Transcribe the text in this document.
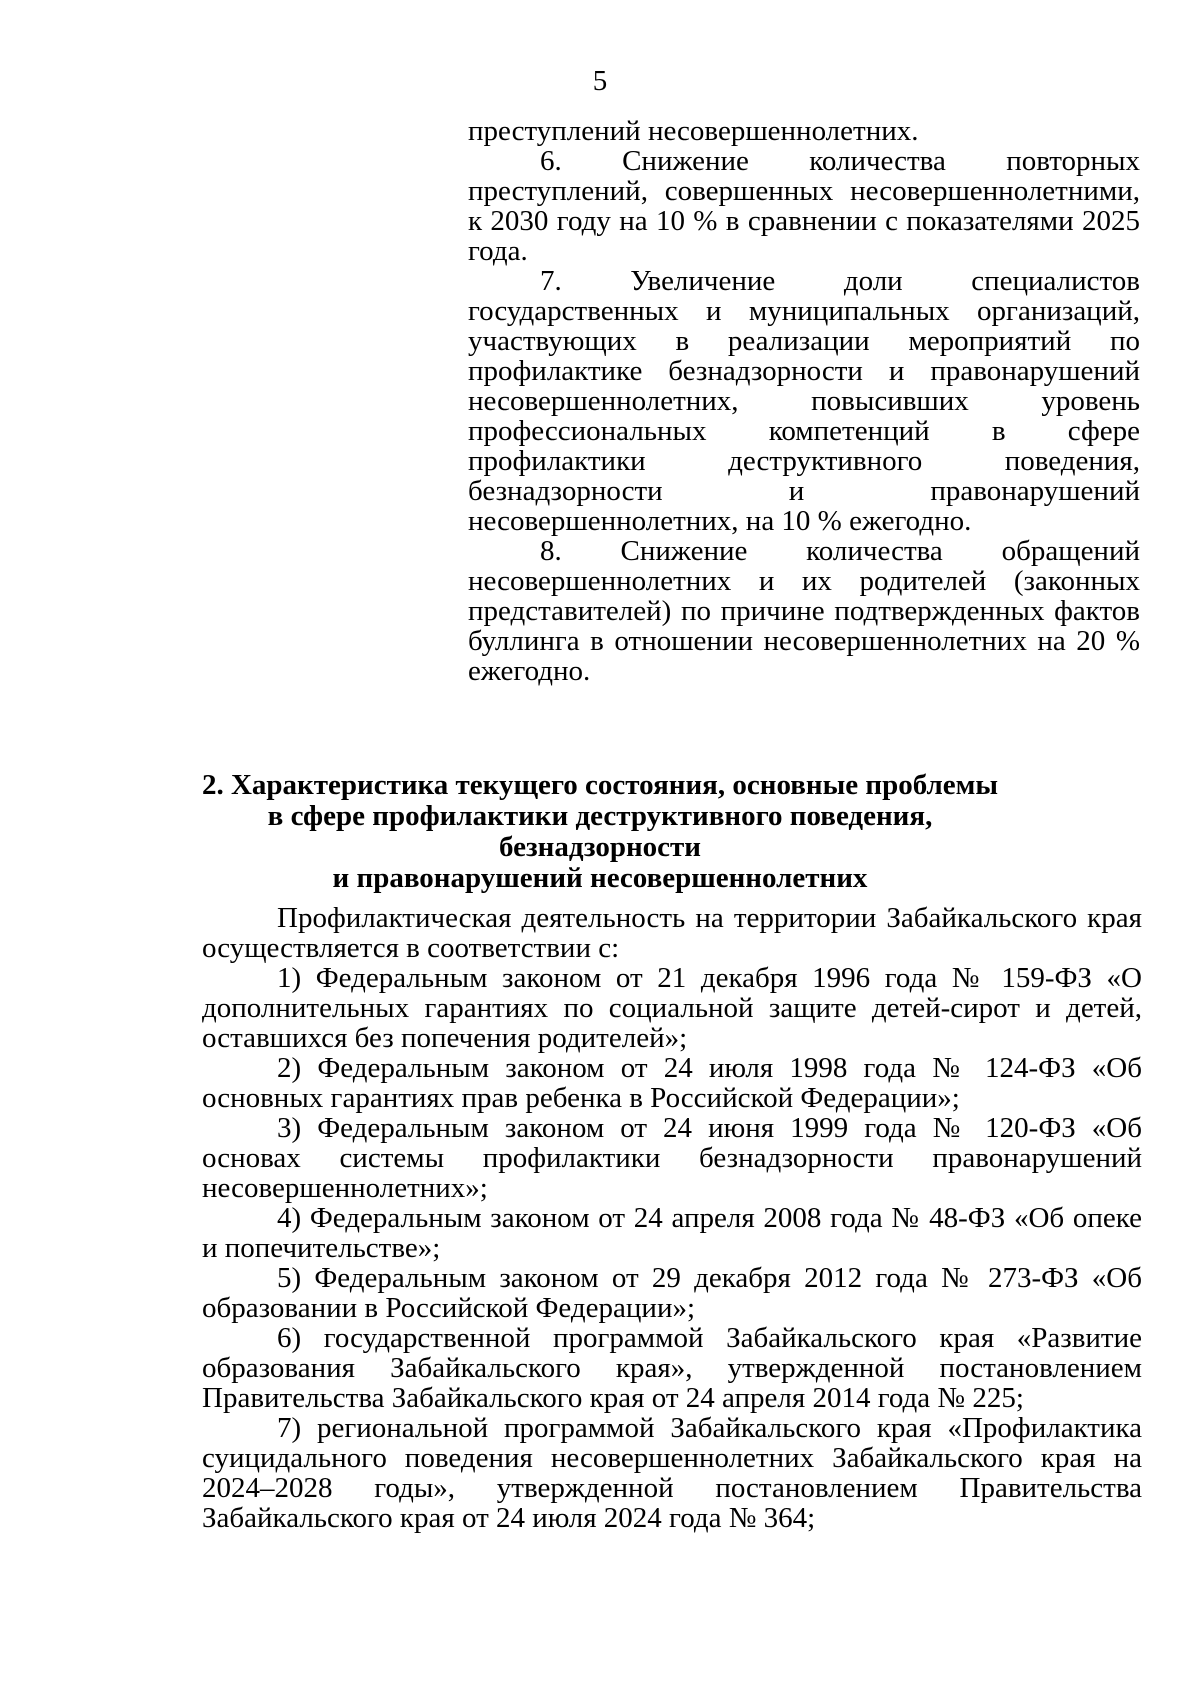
5

преступлений несовершеннолетних.

6. Снижение количества повторных преступлений, совершенных несовершеннолетними, к 2030 году на 10 % в сравнении с показателями 2025 года.

7. Увеличение доли специалистов государственных и муниципальных организаций, участвующих в реализации мероприятий по профилактике безнадзорности и правонарушений несовершеннолетних, повысивших уровень профессиональных компетенций в сфере профилактики деструктивного поведения, безнадзорности и правонарушений несовершеннолетних, на 10 % ежегодно.

8. Снижение количества обращений несовершеннолетних и их родителей (законных представителей) по причине подтвержденных фактов буллинга в отношении несовершеннолетних на 20 % ежегодно.

2. Характеристика текущего состояния, основные проблемы
в сфере профилактики деструктивного поведения, безнадзорности
и правонарушений несовершеннолетних

Профилактическая деятельность на территории Забайкальского края осуществляется в соответствии с:

1) Федеральным законом от 21 декабря 1996 года № 159-ФЗ «О дополнительных гарантиях по социальной защите детей-сирот и детей, оставшихся без попечения родителей»;

2) Федеральным законом от 24 июля 1998 года № 124-ФЗ «Об основных гарантиях прав ребенка в Российской Федерации»;

3) Федеральным законом от 24 июня 1999 года № 120-ФЗ «Об основах системы профилактики безнадзорности правонарушений несовершеннолетних»;

4) Федеральным законом от 24 апреля 2008 года № 48-ФЗ «Об опеке и попечительстве»;

5) Федеральным законом от 29 декабря 2012 года № 273-ФЗ «Об образовании в Российской Федерации»;

6) государственной программой Забайкальского края «Развитие образования Забайкальского края», утвержденной постановлением Правительства Забайкальского края от 24 апреля 2014 года № 225;

7) региональной программой Забайкальского края «Профилактика суицидального поведения несовершеннолетних Забайкальского края на 2024–2028 годы», утвержденной постановлением Правительства Забайкальского края от 24 июля 2024 года № 364;
